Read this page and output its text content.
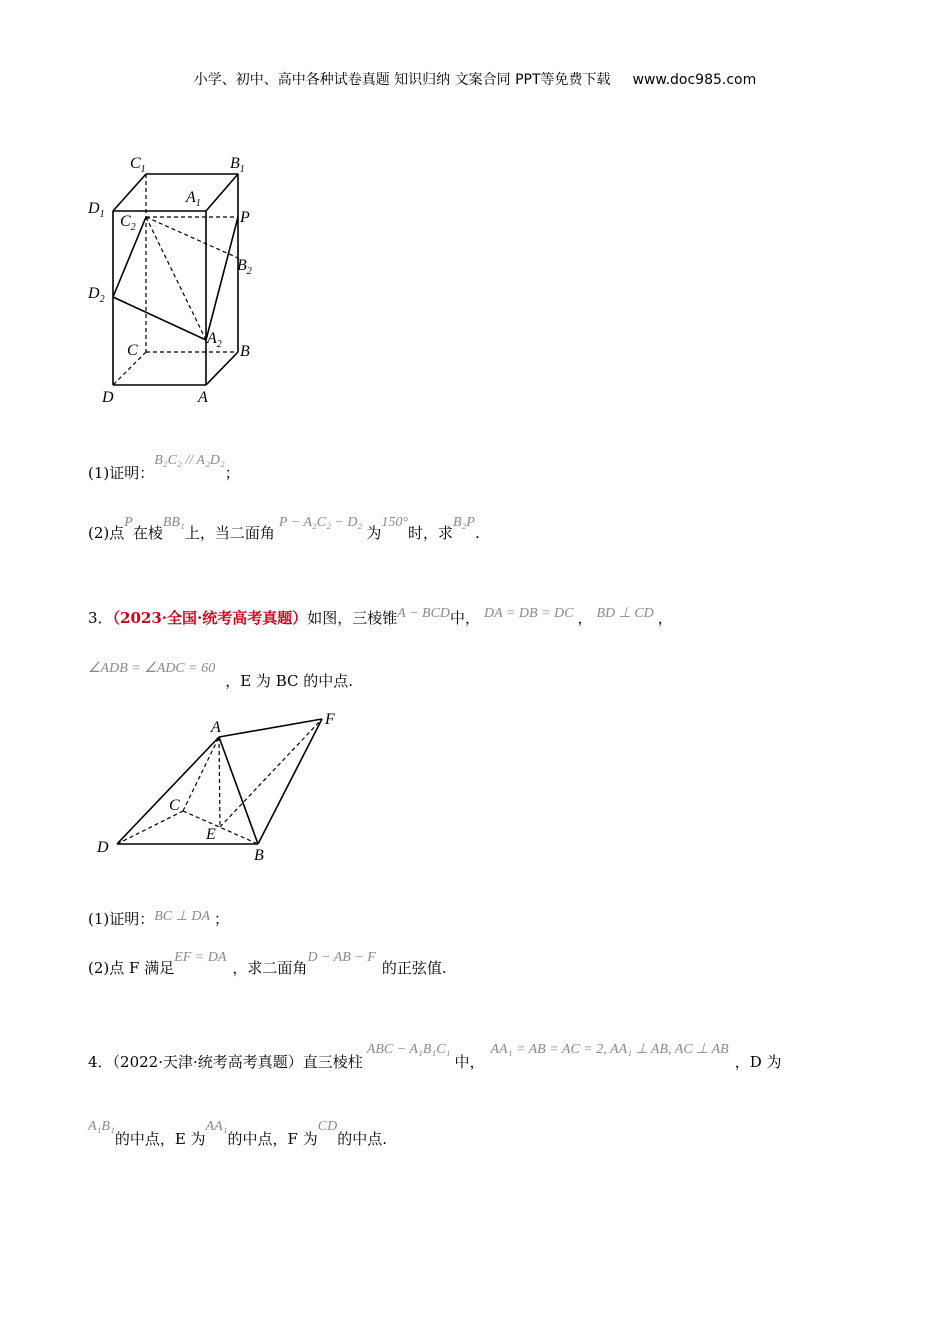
小学、初中、高中各种试卷真题 知识归纳 文案合同 PPT等免费下载 www.doc985.com
$C_1$	$B_1$
$A_1$
$D_1$ $C_2$
P
$B_2$
$D_2$
$A_2$
C	B
D	A
(1)证明：B₂C₂ // A₂D₂；
(2)点P在棱BB₁上，当二面角P − A₂C₂ − D₂为150°时，求B₂P.
3．（2023·全国·统考高考真题）如图，三棱锥A − BCD中， DA = DB = DC ， BD ⊥ CD ，
∠ADB = ∠ADC = 60，E 为 BC 的中点.
A	F
C
E
D	B
(1)证明：BC ⊥ DA ；
(2)点 F 满足EF = DA，求二面角D − AB − F的正弦值.
4．（2022·天津·统考高考真题）直三棱柱ABC − A₁B₁C₁中，AA₁ = AB = AC = 2, AA₁ ⊥ AB, AC ⊥ AB，D 为
A₁B₁的中点，E 为AA₁的中点，F 为CD的中点.
